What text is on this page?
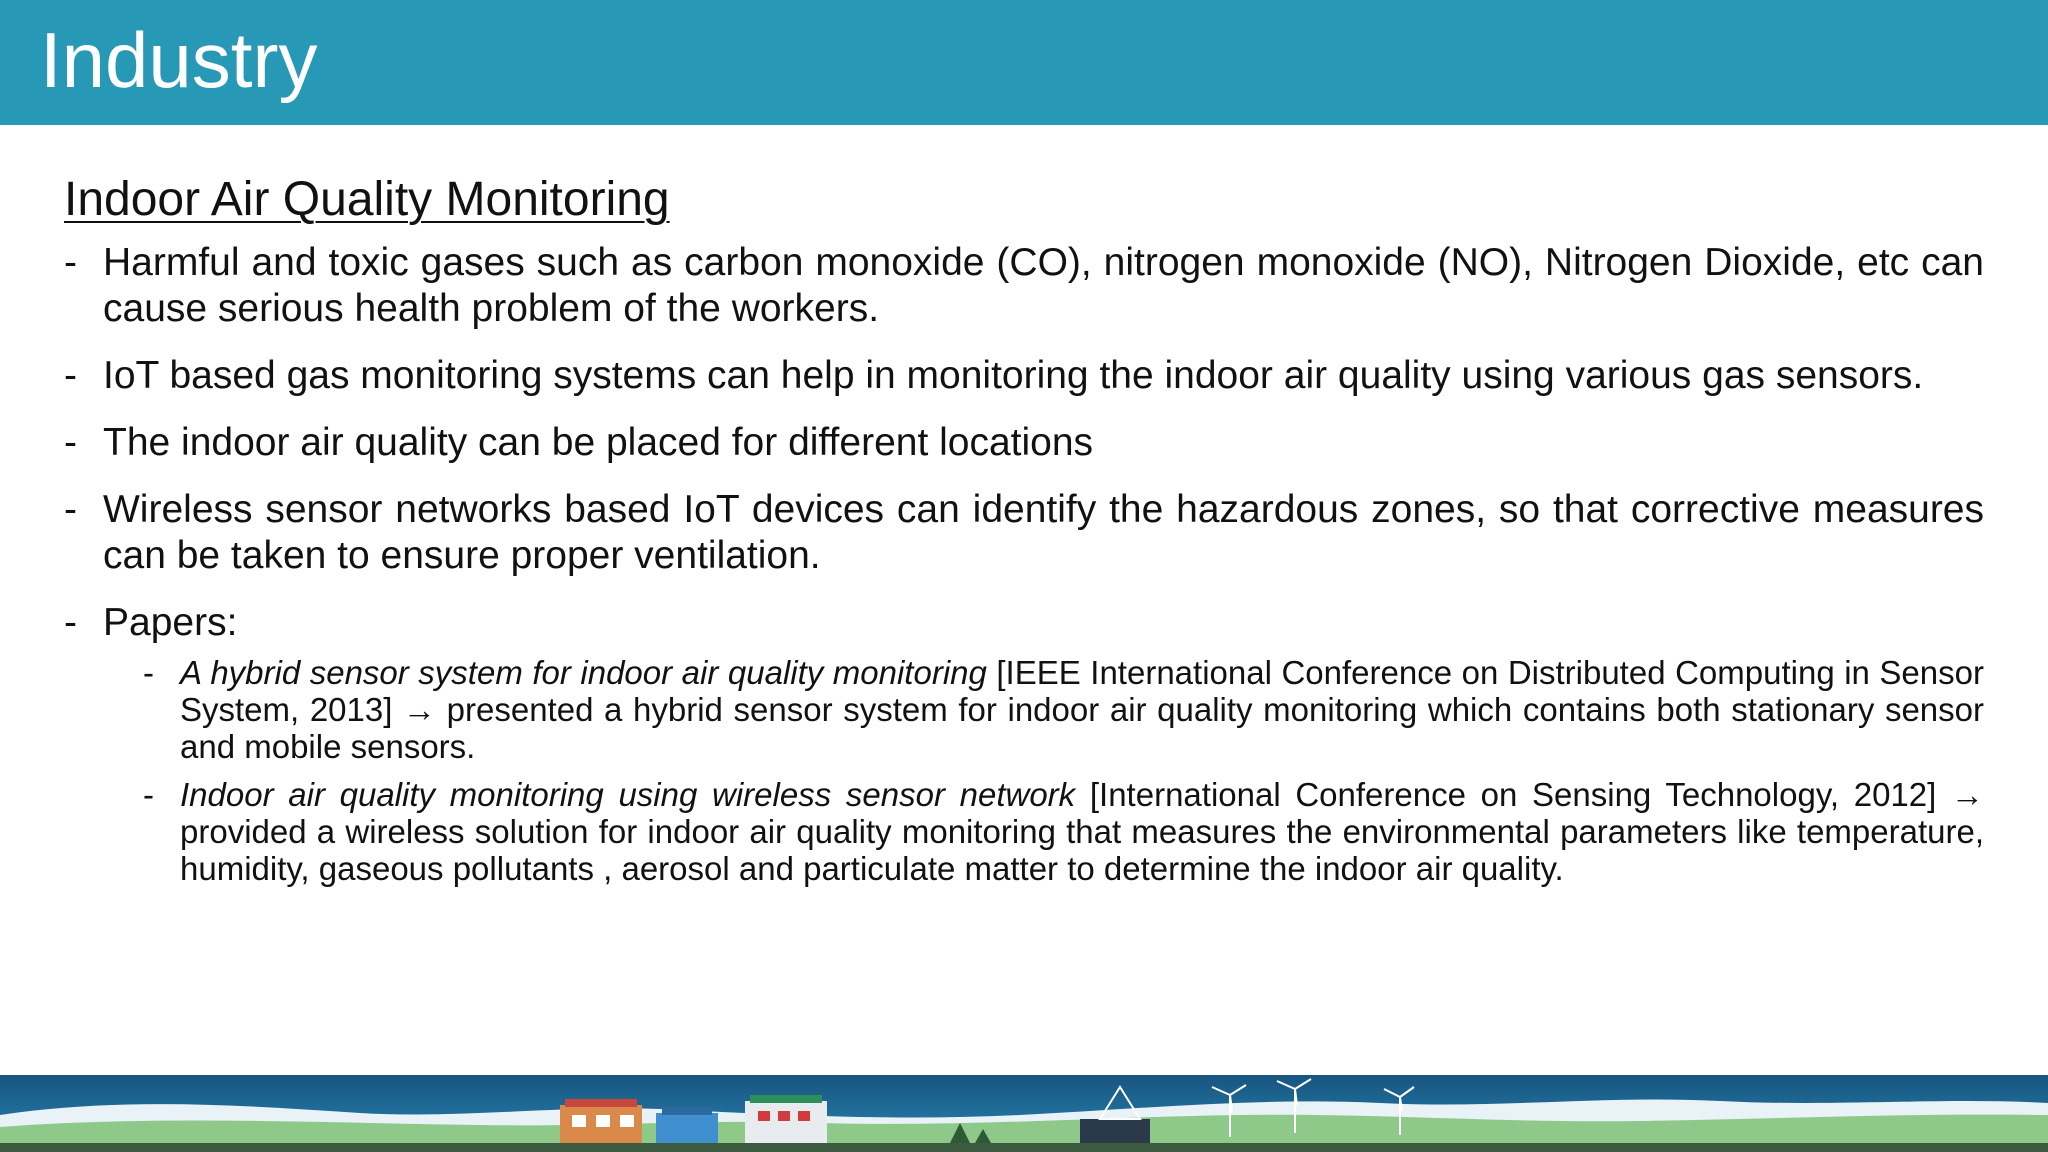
Industry
Indoor Air Quality Monitoring
- Harmful and toxic gases such as carbon monoxide (CO), nitrogen monoxide (NO), Nitrogen Dioxide, etc can cause serious health problem of the workers.
- IoT based gas monitoring systems can help in monitoring the indoor air quality using various gas sensors.
- The indoor air quality can be placed for different locations
- Wireless sensor networks based IoT devices can identify the hazardous zones, so that corrective measures can be taken to ensure proper ventilation.
- Papers:
- A hybrid sensor system for indoor air quality monitoring [IEEE International Conference on Distributed Computing in Sensor System, 2013] → presented a hybrid sensor system for indoor air quality monitoring which contains both stationary sensor and mobile sensors.
- Indoor air quality monitoring using wireless sensor network [International Conference on Sensing Technology, 2012] → provided a wireless solution for indoor air quality monitoring that measures the environmental parameters like temperature, humidity, gaseous pollutants , aerosol and particulate matter to determine the indoor air quality.
